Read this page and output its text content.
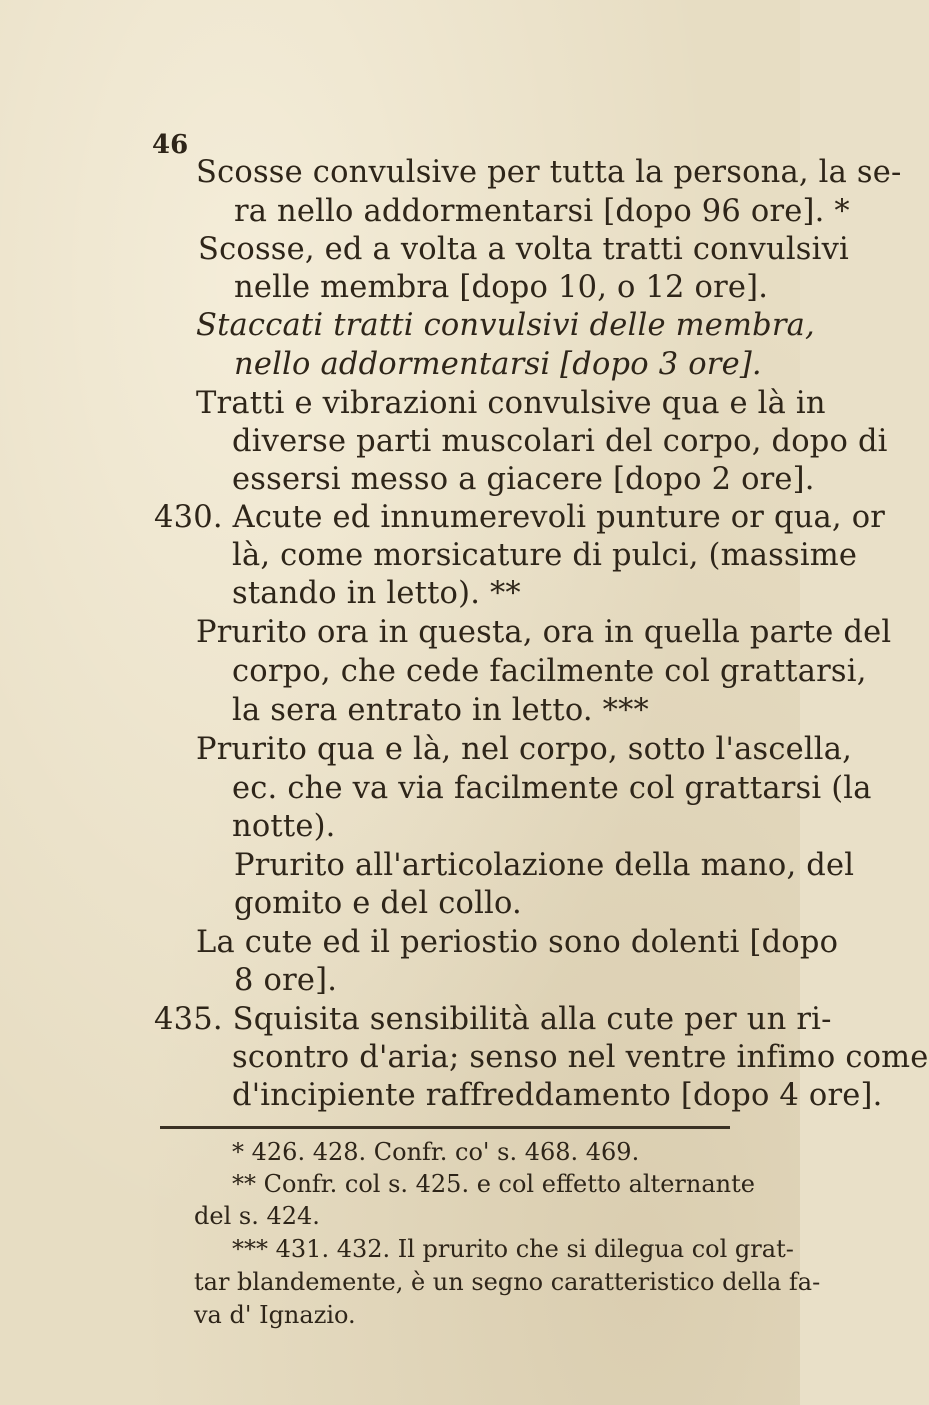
46
Scosse convulsive per tutta la persona, la se-
ra nello addormentarsi [dopo 96 ore]. *
Scosse, ed a volta a volta tratti convulsivi
nelle membra [dopo 10, o 12 ore].
Staccati tratti convulsivi delle membra,
nello addormentarsi [dopo 3 ore].
Tratti e vibrazioni convulsive qua e là in
diverse parti muscolari del corpo, dopo di
essersi messo a giacere [dopo 2 ore].
430. Acute ed innumerevoli punture or qua, or
là, come morsicature di pulci, (massime
stando in letto). **
Prurito ora in questa, ora in quella parte del
corpo, che cede facilmente col grattarsi,
la sera entrato in letto. ***
Prurito qua e là, nel corpo, sotto l'ascella,
ec. che va via facilmente col grattarsi (la
notte).
Prurito all'articolazione della mano, del
gomito e del collo.
La cute ed il periostio sono dolenti [dopo
8 ore].
435. Squisita sensibilità alla cute per un ri-
scontro d'aria; senso nel ventre infimo come
d'incipiente raffreddamento [dopo 4 ore].
* 426. 428. Confr. co' s. 468. 469.
** Confr. col s. 425. e col effetto alternante
del s. 424.
*** 431. 432. Il prurito che si dilegua col grat-
tar blandemente, è un segno caratteristico della fa-
va d' Ignazio.
